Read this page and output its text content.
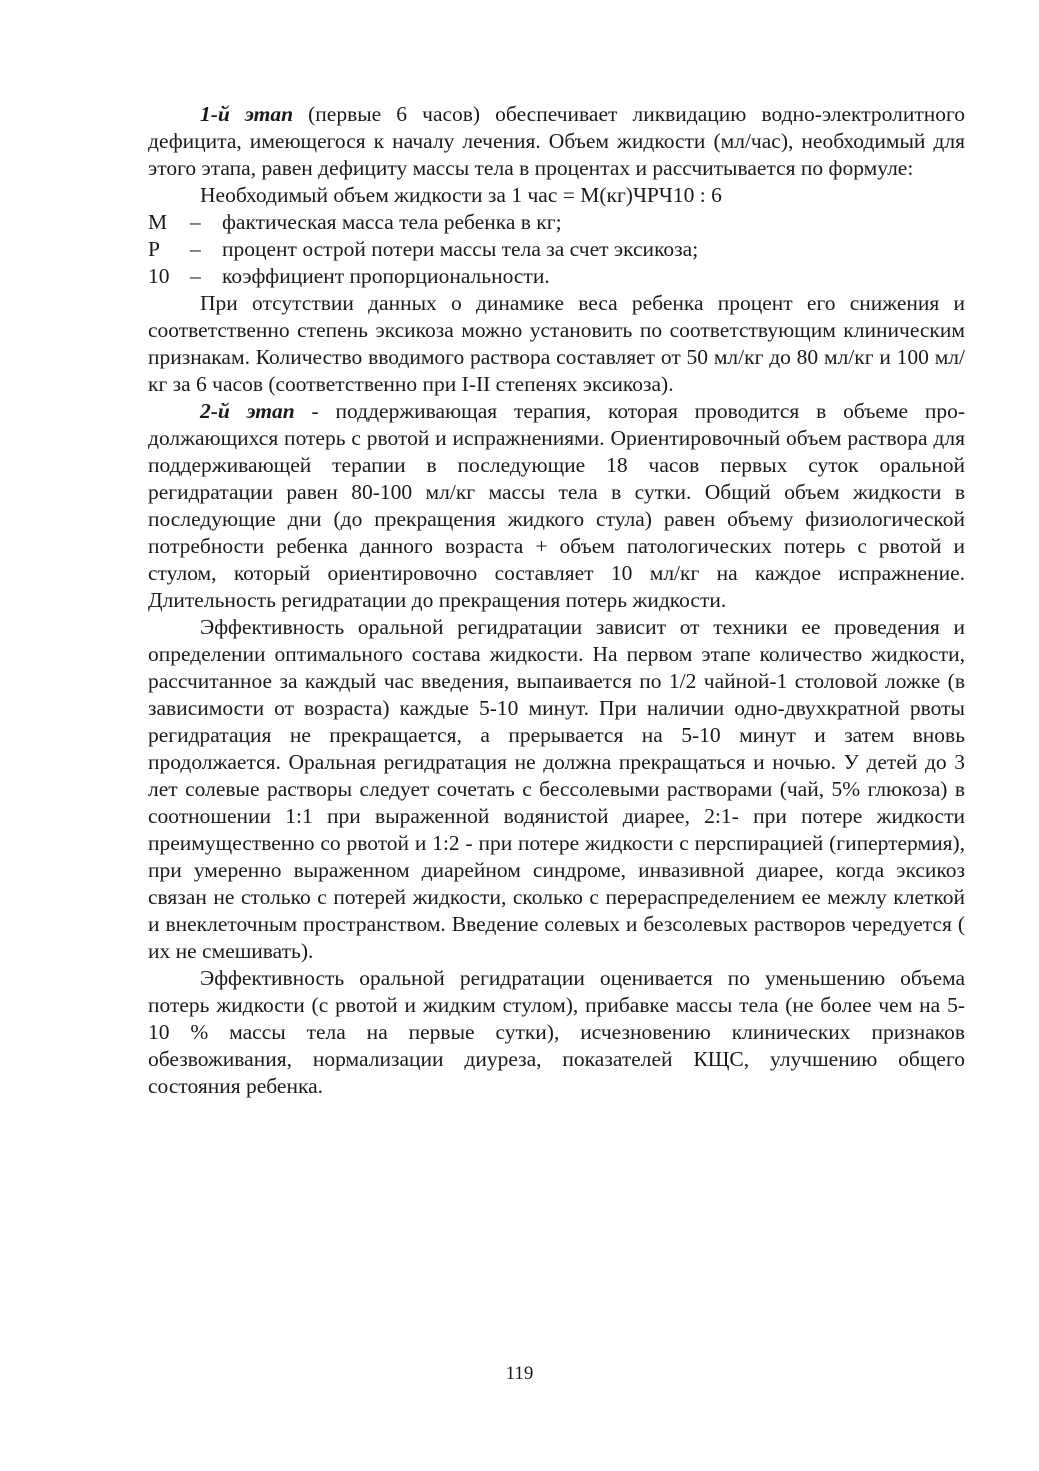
1-й этап (первые 6 часов) обеспечивает ликвидацию водно-электролитного дефицита, имеющегося к началу лечения. Объем жидкости (мл/час), необходимый для этого этапа, равен дефициту массы тела в процентах и рассчитывается по формуле:

Необходимый объем жидкости за 1 час = М(кг)ЧРЧ10 : 6
М	– фактическая масса тела ребенка в кг;
Р	– процент острой потери массы тела за счет эксикоза;
10 – коэффициент пропорциональности.

При отсутствии данных о динамике веса ребенка процент его снижения и соответственно степень эксикоза можно установить по соответствующим клиническим признакам. Количество вводимого раствора составляет от 50 мл/кг до 80 мл/кг и 100 мл/кг за 6 часов (соответственно при I-II степенях эксикоза).

2-й этап - поддерживающая терапия, которая проводится в объеме продолжающихся потерь с рвотой и испражнениями. Ориентировочный объем раствора для поддерживающей терапии в последующие 18 часов первых суток оральной регидратации равен 80-100 мл/кг массы тела в сутки. Общий объем жидкости в последующие дни (до прекращения жидкого стула) равен объему физиологической потребности ребенка данного возраста + объем патологических потерь с рвотой и стулом, который ориентировочно составляет 10 мл/кг на каждое испражнение. Длительность регидратации до прекращения потерь жидкости.

Эффективность оральной регидратации зависит от техники ее проведения и определении оптимального состава жидкости. На первом этапе количество жидкости, рассчитанное за каждый час введения, выпаивается по 1/2 чайной-1 столовой ложке (в зависимости от возраста) каждые 5-10 минут. При наличии одно-двухкратной рвоты регидратация не прекращается, а прерывается на 5-10 минут и затем вновь продолжается. Оральная регидратация не должна прекращаться и ночью. У детей до 3 лет солевые растворы следует сочетать с бессолевыми растворами (чай, 5% глюкоза) в соотношении 1:1 при выраженной водянистой диарее, 2:1- при потере жидкости преимущественно со рвотой и 1:2 - при потере жидкости с перспирацией (гипертермия), при умеренно выраженном диарейном синдроме, инвазивной диарее, когда эксикоз связан не столько с потерей жидкости, сколько с перераспределением ее межлу клеткой и внеклеточным пространством. Введение солевых и безсолевых растворов чередуется ( их не смешивать).

Эффективность оральной регидратации оценивается по уменьшению объема потерь жидкости (с рвотой и жидким стулом), прибавке массы тела (не более чем на 5-10 % массы тела на первые сутки), исчезновению клинических признаков обезвоживания, нормализации диуреза, показателей КЩС, улучшению общего состояния ребенка.

119
